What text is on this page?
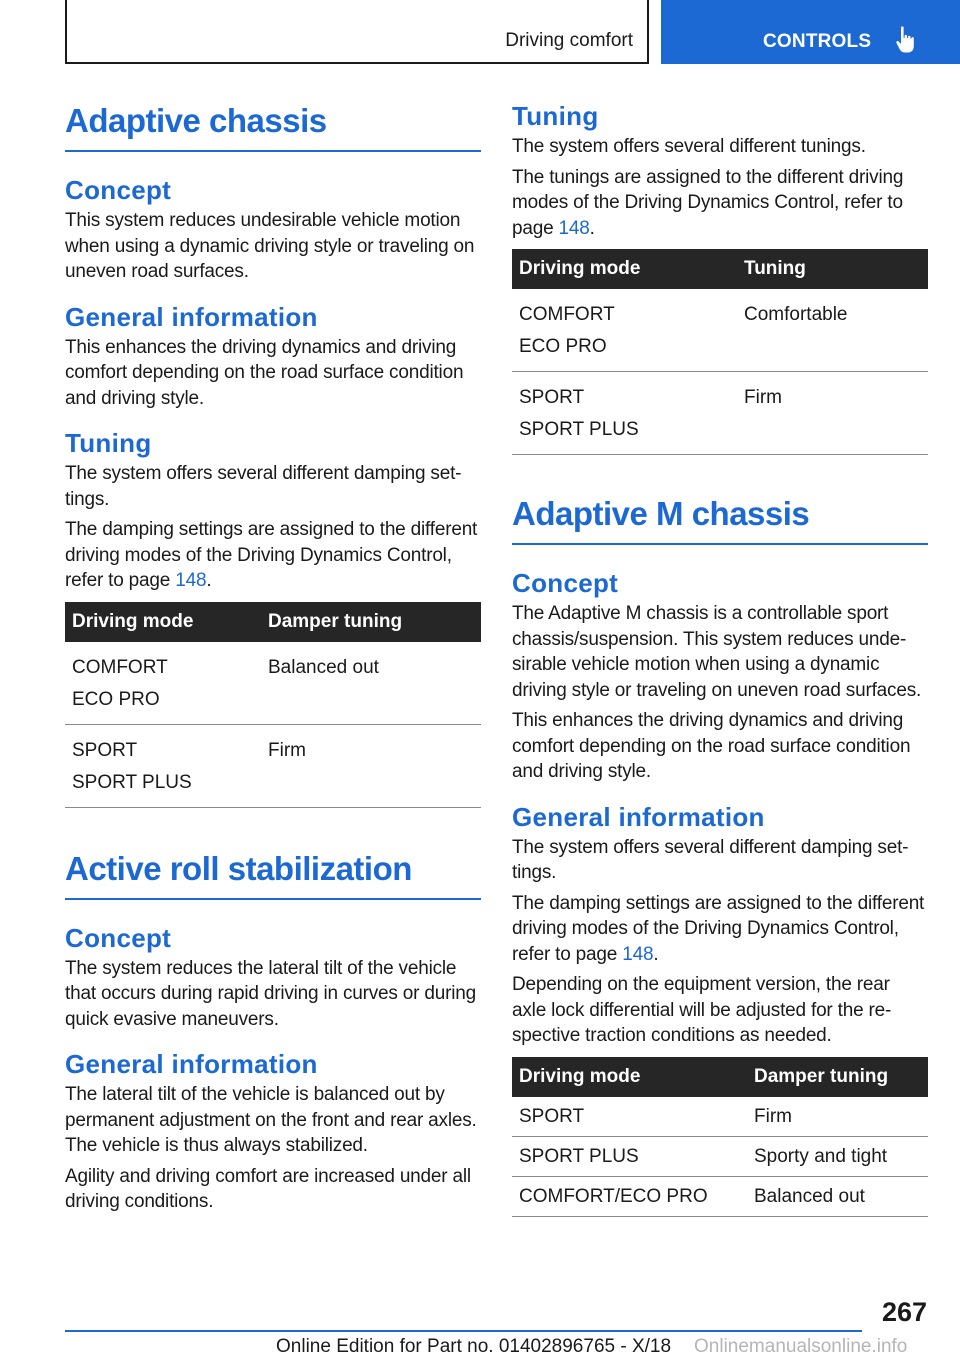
Driving comfort	CONTROLS
Adaptive chassis
Concept

This system reduces undesirable vehicle motion when using a dynamic driving style or traveling on uneven road surfaces.

General information

This enhances the driving dynamics and driving comfort depending on the road surface condition and driving style.

Tuning

The system offers several different damping settings.

The damping settings are assigned to the different driving modes of the Driving Dynamics Control, refer to page 148.

Driving mode	Damper tuning

COMFORT
ECO PRO	Balanced out

SPORT
SPORT PLUS	Firm
Active roll stabilization
Concept

The system reduces the lateral tilt of the vehicle that occurs during rapid driving in curves or during quick evasive maneuvers.

General information

The lateral tilt of the vehicle is balanced out by permanent adjustment on the front and rear axles. The vehicle is thus always stabilized.

Agility and driving comfort are increased under all driving conditions.

Tuning

The system offers several different tunings.

The tunings are assigned to the different driving modes of the Driving Dynamics Control, refer to page 148.

Driving mode	Tuning

COMFORT
ECO PRO	Comfortable

SPORT
SPORT PLUS	Firm
Adaptive M chassis
Concept

The Adaptive M chassis is a controllable sport chassis/suspension. This system reduces undesirable vehicle motion when using a dynamic driving style or traveling on uneven road surfaces.

This enhances the driving dynamics and driving comfort depending on the road surface condition and driving style.

General information

The system offers several different damping settings.

The damping settings are assigned to the different driving modes of the Driving Dynamics Control, refer to page 148.

Depending on the equipment version, the rear axle lock differential will be adjusted for the respective traction conditions as needed.

Driving mode	Damper tuning
SPORT	Firm
SPORT PLUS	Sporty and tight
COMFORT/ECO PRO	Balanced out
267
Online Edition for Part no. 01402896765 - X/18 Onlinemanualsonline.info
